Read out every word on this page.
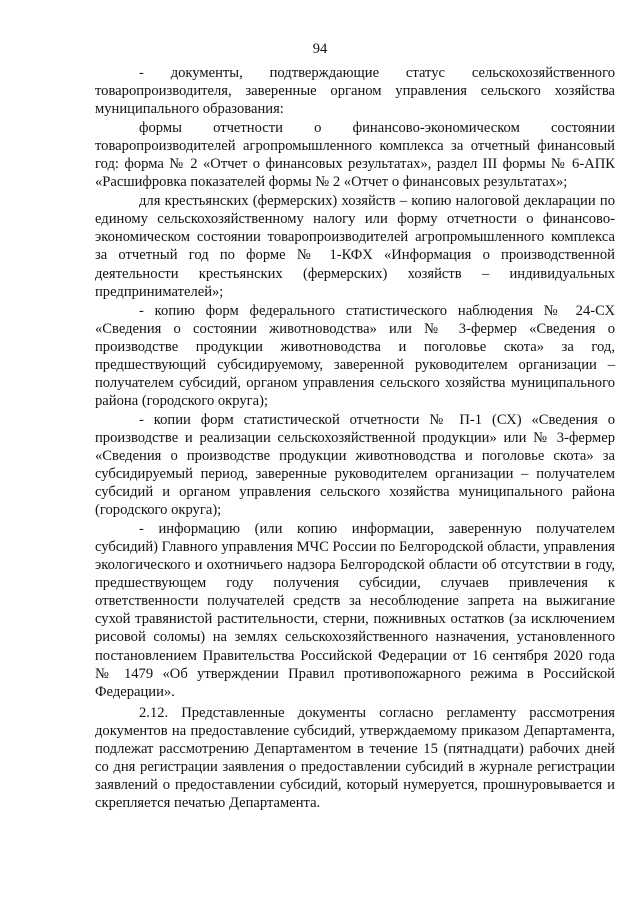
94

- документы, подтверждающие статус сельскохозяйственного товаропроизводителя, заверенные органом управления сельского хозяйства муниципального образования:

формы отчетности о финансово-экономическом состоянии товаропроизводителей агропромышленного комплекса за отчетный финансовый год: форма № 2 «Отчет о финансовых результатах», раздел III формы № 6-АПК «Расшифровка показателей формы № 2 «Отчет о финансовых результатах»;

для крестьянских (фермерских) хозяйств – копию налоговой декларации по единому сельскохозяйственному налогу или форму отчетности о финансово-экономическом состоянии товаропроизводителей агропромышленного комплекса за отчетный год по форме № 1-КФХ «Информация о производственной деятельности крестьянских (фермерских) хозяйств – индивидуальных предпринимателей»;

- копию форм федерального статистического наблюдения № 24-СХ «Сведения о состоянии животноводства» или № 3-фермер «Сведения о производстве продукции животноводства и поголовье скота» за год, предшествующий субсидируемому, заверенной руководителем организации – получателем субсидий, органом управления сельского хозяйства муниципального района (городского округа);

- копии форм статистической отчетности № П-1 (СХ) «Сведения о производстве и реализации сельскохозяйственной продукции» или № 3-фермер «Сведения о производстве продукции животноводства и поголовье скота» за субсидируемый период, заверенные руководителем организации – получателем субсидий и органом управления сельского хозяйства муниципального района (городского округа);

- информацию (или копию информации, заверенную получателем субсидий) Главного управления МЧС России по Белгородской области, управления экологического и охотничьего надзора Белгородской области об отсутствии в году, предшествующем году получения субсидии, случаев привлечения к ответственности получателей средств за несоблюдение запрета на выжигание сухой травянистой растительности, стерни, пожнивных остатков (за исключением рисовой соломы) на землях сельскохозяйственного назначения, установленного постановлением Правительства Российской Федерации от 16 сентября 2020 года № 1479 «Об утверждении Правил противопожарного режима в Российской Федерации».

2.12. Представленные документы согласно регламенту рассмотрения документов на предоставление субсидий, утверждаемому приказом Департамента, подлежат рассмотрению Департаментом в течение 15 (пятнадцати) рабочих дней со дня регистрации заявления о предоставлении субсидий в журнале регистрации заявлений о предоставлении субсидий, который нумеруется, прошнуровывается и скрепляется печатью Департамента.
